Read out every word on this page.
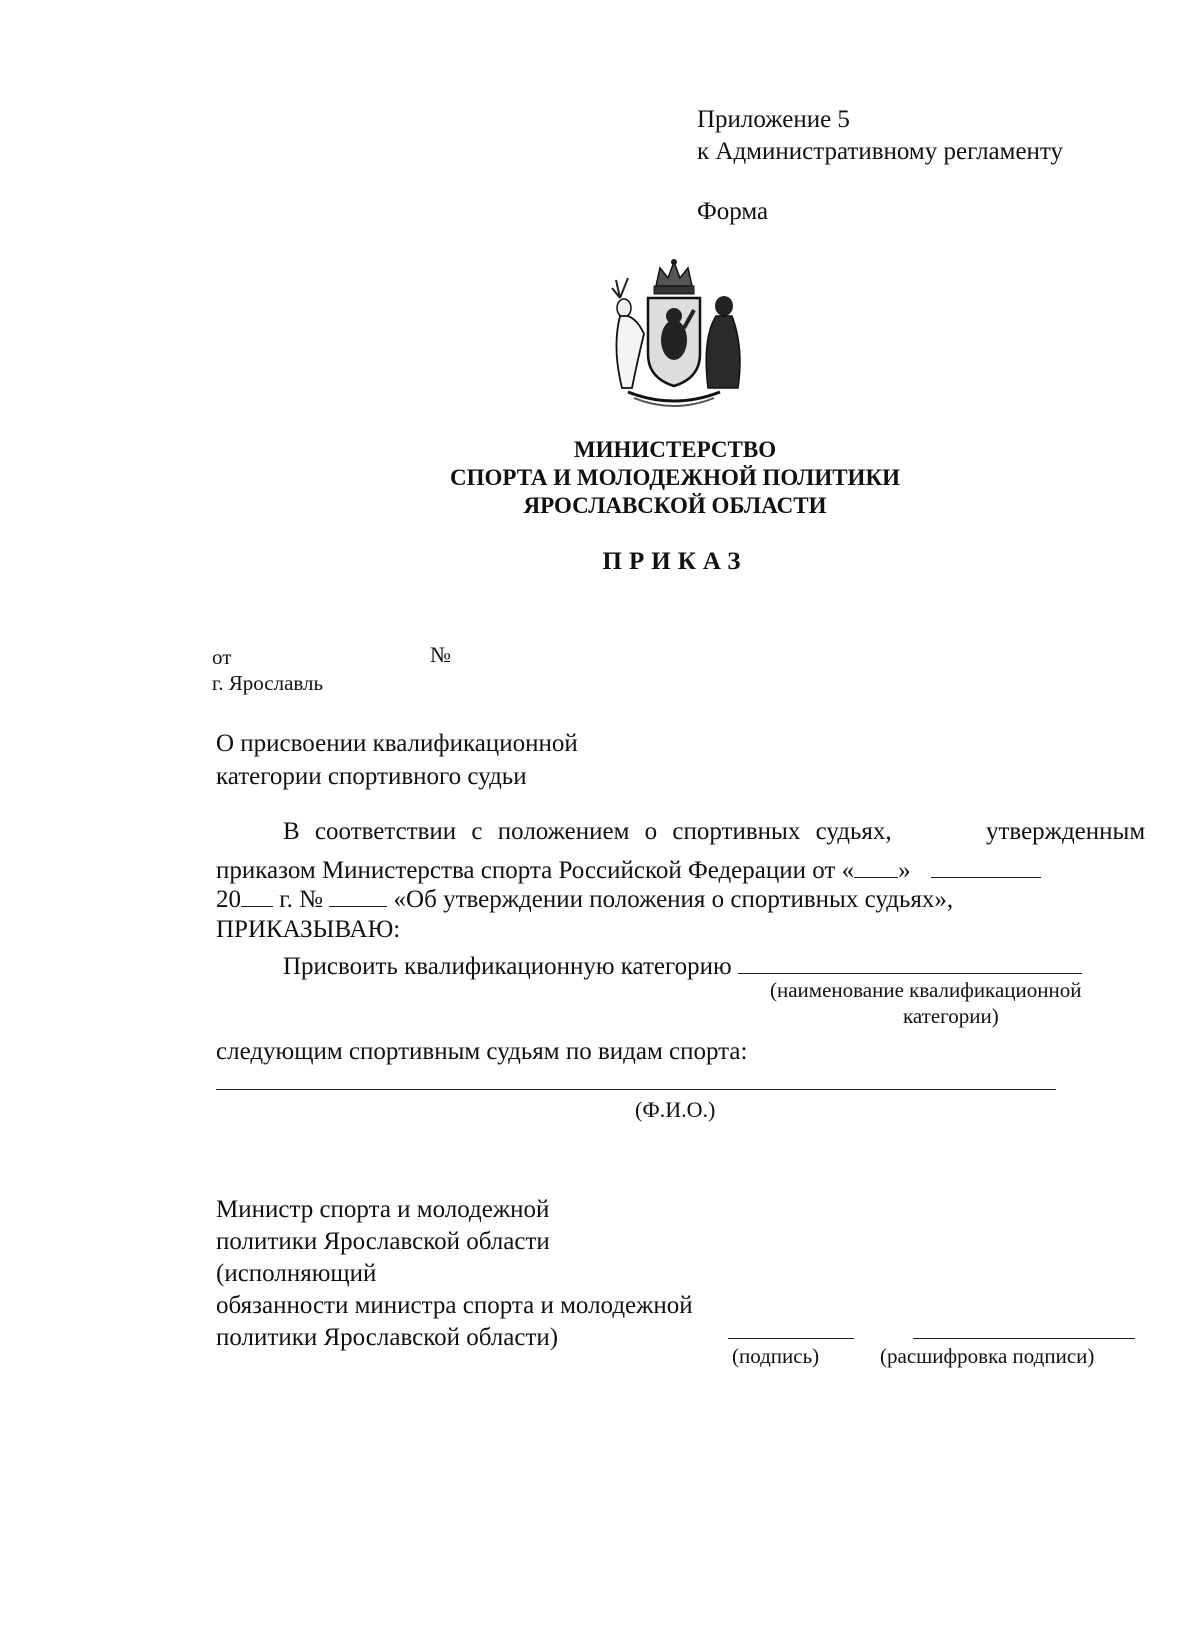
Приложение 5
к Административному регламенту
Форма
МИНИСТЕРСТВО
СПОРТА И МОЛОДЕЖНОЙ ПОЛИТИКИ
ЯРОСЛАВСКОЙ ОБЛАСТИ
ПРИКАЗ
от	№
г. Ярославль
О присвоении квалификационной
категории спортивного судьи
В соответствии с положением о спортивных судьях,	утвержденным
приказом Министерства спорта Российской Федерации от « »
20 г. №	«Об утверждении положения о спортивных судьях»,
ПРИКАЗЫВАЮ:
Присвоить квалификационную категорию
(наименование квалификационной
категории)
следующим спортивным судьям по видам спорта:
(Ф.И.О.)
Министр спорта и молодежной
политики Ярославской области
(исполняющий
обязанности министра спорта и молодежной
политики Ярославской области)
(подпись)	(расшифровка подписи)
